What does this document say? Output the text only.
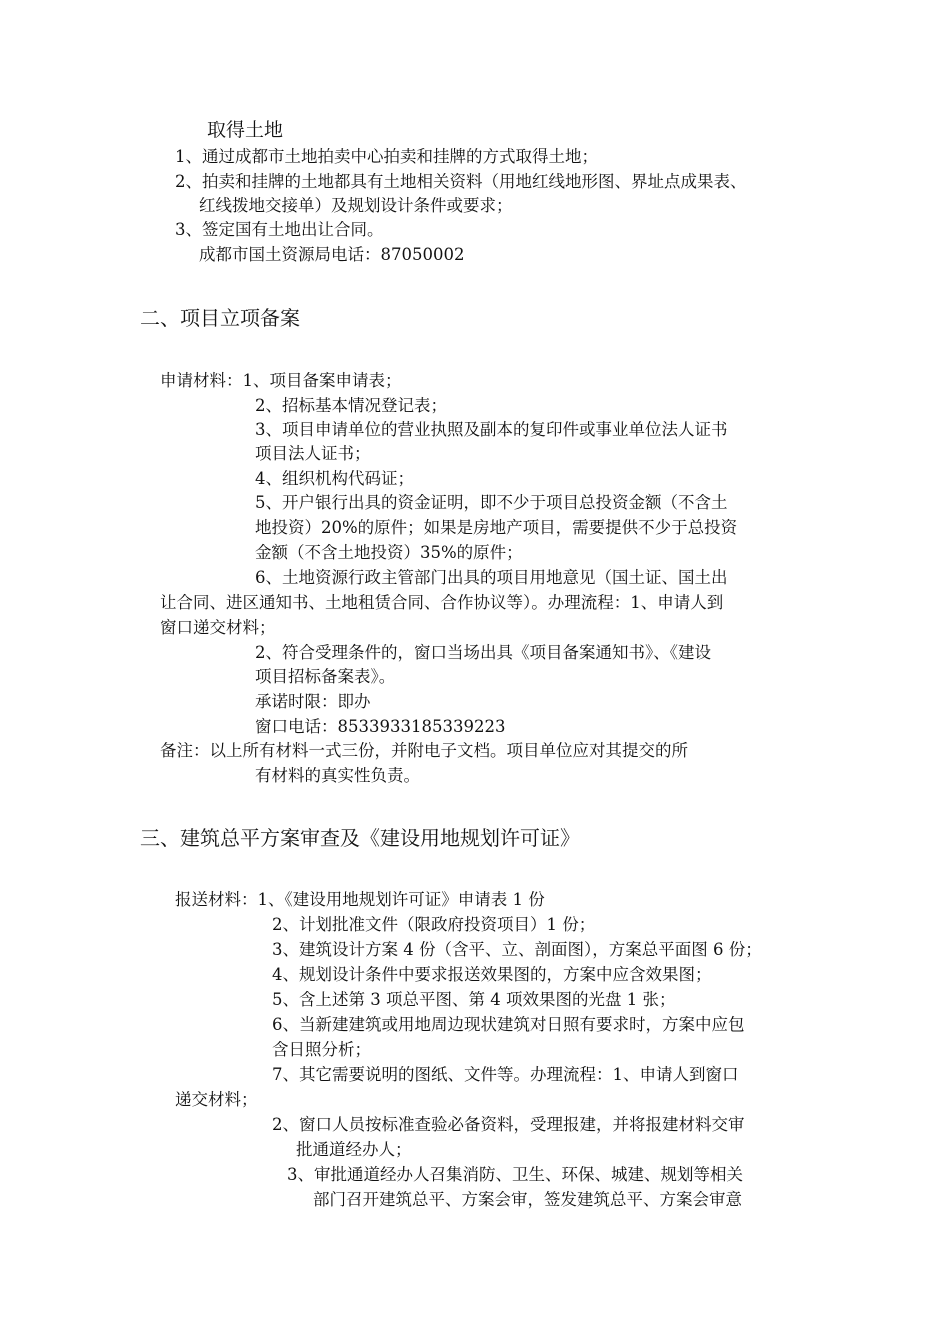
取得土地
1、通过成都市土地拍卖中心拍卖和挂牌的方式取得土地；
2、拍卖和挂牌的土地都具有土地相关资料（用地红线地形图、界址点成果表、
红线拨地交接单）及规划设计条件或要求；
3、签定国有土地出让合同。
成都市国土资源局电话：87050002
二、项目立项备案
申请材料：1、项目备案申请表；
2、招标基本情况登记表；
3、项目申请单位的营业执照及副本的复印件或事业单位法人证书
项目法人证书；
4、组织机构代码证；
5、开户银行出具的资金证明，即不少于项目总投资金额（不含土
地投资）20%的原件；如果是房地产项目，需要提供不少于总投资
金额（不含土地投资）35%的原件；
6、土地资源行政主管部门出具的项目用地意见（国土证、国土出
让合同、进区通知书、土地租赁合同、合作协议等）。办理流程：1、申请人到
窗口递交材料；
2、符合受理条件的，窗口当场出具《项目备案通知书》、《建设
项目招标备案表》。
承诺时限：即办
窗口电话：8533933185339223
备注：以上所有材料一式三份，并附电子文档。项目单位应对其提交的所
有材料的真实性负责。
三、建筑总平方案审查及《建设用地规划许可证》
报送材料：1、《建设用地规划许可证》申请表 1 份
2、计划批准文件（限政府投资项目）1 份；
3、建筑设计方案 4 份（含平、立、剖面图），方案总平面图 6 份；
4、规划设计条件中要求报送效果图的，方案中应含效果图；
5、含上述第 3 项总平图、第 4 项效果图的光盘 1 张；
6、当新建建筑或用地周边现状建筑对日照有要求时，方案中应包
含日照分析；
7、其它需要说明的图纸、文件等。办理流程：1、申请人到窗口
递交材料；
2、窗口人员按标准查验必备资料，受理报建，并将报建材料交审
批通道经办人；
3、审批通道经办人召集消防、卫生、环保、城建、规划等相关
部门召开建筑总平、方案会审，签发建筑总平、方案会审意
